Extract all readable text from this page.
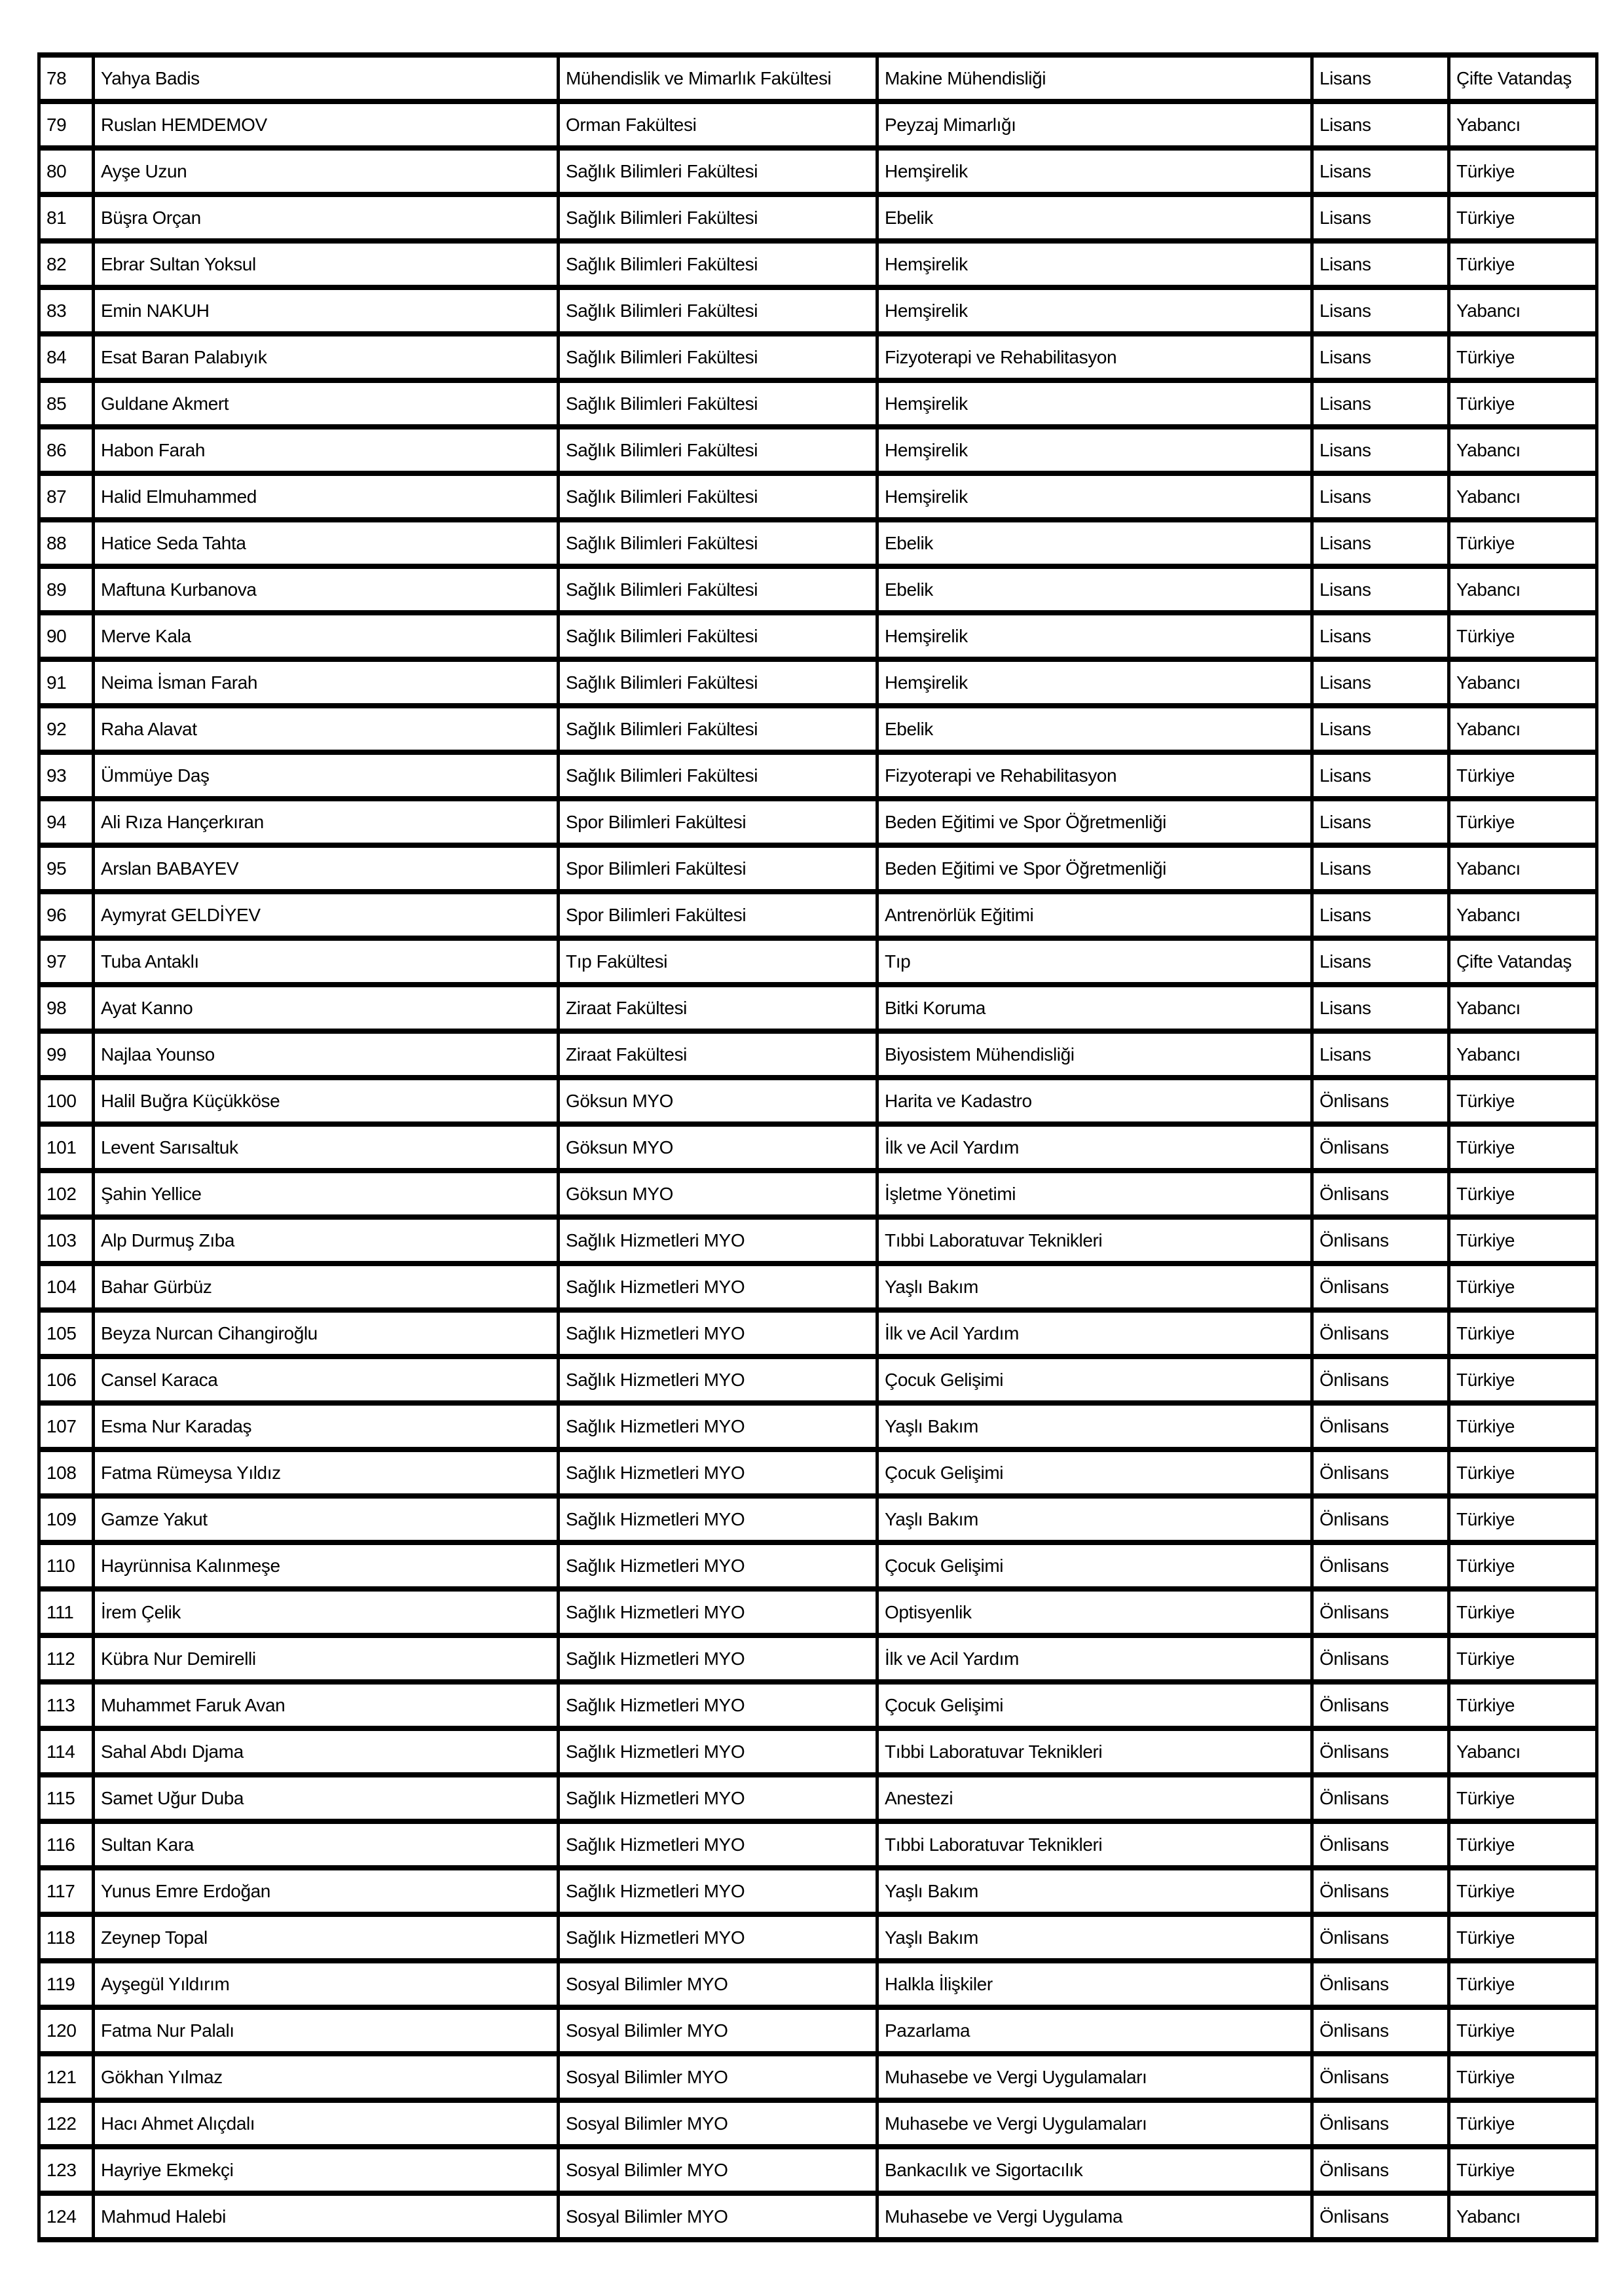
78	Yahya Badis	Mühendislik ve Mimarlık Fakültesi	Makine Mühendisliği	Lisans	Çifte Vatandaş
79	Ruslan HEMDEMOV	Orman Fakültesi	Peyzaj Mimarlığı	Lisans	Yabancı
80	Ayşe Uzun	Sağlık Bilimleri Fakültesi	Hemşirelik	Lisans	Türkiye
81	Büşra Orçan	Sağlık Bilimleri Fakültesi	Ebelik	Lisans	Türkiye
82	Ebrar Sultan Yoksul	Sağlık Bilimleri Fakültesi	Hemşirelik	Lisans	Türkiye
83	Emin NAKUH	Sağlık Bilimleri Fakültesi	Hemşirelik	Lisans	Yabancı
84	Esat Baran Palabıyık	Sağlık Bilimleri Fakültesi	Fizyoterapi ve Rehabilitasyon	Lisans	Türkiye
85	Guldane Akmert	Sağlık Bilimleri Fakültesi	Hemşirelik	Lisans	Türkiye
86	Habon Farah	Sağlık Bilimleri Fakültesi	Hemşirelik	Lisans	Yabancı
87	Halid Elmuhammed	Sağlık Bilimleri Fakültesi	Hemşirelik	Lisans	Yabancı
88	Hatice Seda Tahta	Sağlık Bilimleri Fakültesi	Ebelik	Lisans	Türkiye
89	Maftuna Kurbanova	Sağlık Bilimleri Fakültesi	Ebelik	Lisans	Yabancı
90	Merve Kala	Sağlık Bilimleri Fakültesi	Hemşirelik	Lisans	Türkiye
91	Neima İsman Farah	Sağlık Bilimleri Fakültesi	Hemşirelik	Lisans	Yabancı
92	Raha Alavat	Sağlık Bilimleri Fakültesi	Ebelik	Lisans	Yabancı
93	Ümmüye Daş	Sağlık Bilimleri Fakültesi	Fizyoterapi ve Rehabilitasyon	Lisans	Türkiye
94	Ali Rıza Hançerkıran	Spor Bilimleri Fakültesi	Beden Eğitimi ve Spor Öğretmenliği	Lisans	Türkiye
95	Arslan BABAYEV	Spor Bilimleri Fakültesi	Beden Eğitimi ve Spor Öğretmenliği	Lisans	Yabancı
96	Aymyrat GELDİYEV	Spor Bilimleri Fakültesi	Antrenörlük Eğitimi	Lisans	Yabancı
97	Tuba Antaklı	Tıp Fakültesi	Tıp	Lisans	Çifte Vatandaş
98	Ayat Kanno	Ziraat Fakültesi	Bitki Koruma	Lisans	Yabancı
99	Najlaa Younso	Ziraat Fakültesi	Biyosistem Mühendisliği	Lisans	Yabancı
100	Halil Buğra Küçükköse	Göksun MYO	Harita ve Kadastro	Önlisans	Türkiye
101	Levent Sarısaltuk	Göksun MYO	İlk ve Acil Yardım	Önlisans	Türkiye
102	Şahin Yellice	Göksun MYO	İşletme Yönetimi	Önlisans	Türkiye
103	Alp Durmuş Zıba	Sağlık Hizmetleri MYO	Tıbbi Laboratuvar Teknikleri	Önlisans	Türkiye
104	Bahar Gürbüz	Sağlık Hizmetleri MYO	Yaşlı Bakım	Önlisans	Türkiye
105	Beyza Nurcan Cihangiroğlu	Sağlık Hizmetleri MYO	İlk ve Acil Yardım	Önlisans	Türkiye
106	Cansel Karaca	Sağlık Hizmetleri MYO	Çocuk Gelişimi	Önlisans	Türkiye
107	Esma Nur Karadaş	Sağlık Hizmetleri MYO	Yaşlı Bakım	Önlisans	Türkiye
108	Fatma Rümeysa Yıldız	Sağlık Hizmetleri MYO	Çocuk Gelişimi	Önlisans	Türkiye
109	Gamze Yakut	Sağlık Hizmetleri MYO	Yaşlı Bakım	Önlisans	Türkiye
110	Hayrünnisa Kalınmeşe	Sağlık Hizmetleri MYO	Çocuk Gelişimi	Önlisans	Türkiye
111	İrem Çelik	Sağlık Hizmetleri MYO	Optisyenlik	Önlisans	Türkiye
112	Kübra Nur Demirelli	Sağlık Hizmetleri MYO	İlk ve Acil Yardım	Önlisans	Türkiye
113	Muhammet Faruk Avan	Sağlık Hizmetleri MYO	Çocuk Gelişimi	Önlisans	Türkiye
114	Sahal Abdı Djama	Sağlık Hizmetleri MYO	Tıbbi Laboratuvar Teknikleri	Önlisans	Yabancı
115	Samet Uğur Duba	Sağlık Hizmetleri MYO	Anestezi	Önlisans	Türkiye
116	Sultan Kara	Sağlık Hizmetleri MYO	Tıbbi Laboratuvar Teknikleri	Önlisans	Türkiye
117	Yunus Emre Erdoğan	Sağlık Hizmetleri MYO	Yaşlı Bakım	Önlisans	Türkiye
118	Zeynep Topal	Sağlık Hizmetleri MYO	Yaşlı Bakım	Önlisans	Türkiye
119	Ayşegül Yıldırım	Sosyal Bilimler MYO	Halkla İlişkiler	Önlisans	Türkiye
120	Fatma Nur Palalı	Sosyal Bilimler MYO	Pazarlama	Önlisans	Türkiye
121	Gökhan Yılmaz	Sosyal Bilimler MYO	Muhasebe ve Vergi Uygulamaları	Önlisans	Türkiye
122	Hacı Ahmet Alıçdalı	Sosyal Bilimler MYO	Muhasebe ve Vergi Uygulamaları	Önlisans	Türkiye
123	Hayriye Ekmekçi	Sosyal Bilimler MYO	Bankacılık ve Sigortacılık	Önlisans	Türkiye
124	Mahmud Halebi	Sosyal Bilimler MYO	Muhasebe ve Vergi Uygulama	Önlisans	Yabancı
